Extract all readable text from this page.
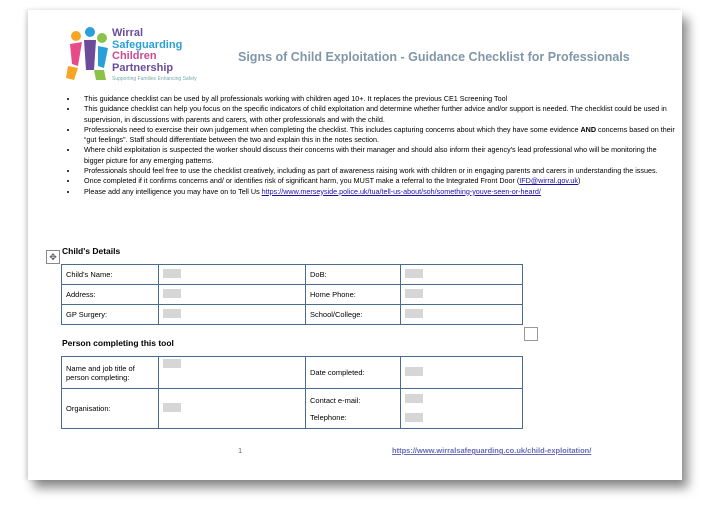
Wirral
Safeguarding
Children
Partnership
Supporting Families Enhancing Safety
Signs of Child Exploitation - Guidance Checklist for Professionals
• This guidance checklist can be used by all professionals working with children aged 10+. It replaces the previous CE1 Screening Tool
• This guidance checklist can help you focus on the specific indicators of child exploitation and determine whether further advice and/or support is needed. The checklist could be used in supervision, in discussions with parents and carers, with other professionals and with the child.
• Professionals need to exercise their own judgement when completing the checklist. This includes capturing concerns about which they have some evidence AND concerns based on their “gut feelings”. Staff should differentiate between the two and explain this in the notes section.
• Where child exploitation is suspected the worker should discuss their concerns with their manager and should also inform their agency's lead professional who will be monitoring the bigger picture for any emerging patterns.
• Professionals should feel free to use the checklist creatively, including as part of awareness raising work with children or in engaging parents and carers in understanding the issues.
• Once completed if it confirms concerns and/ or identifies risk of significant harm, you MUST make a referral to the Integrated Front Door (IFD@wirral.gov.uk)
• Please add any intelligence you may have on to Tell Us https://www.merseyside.police.uk/tua/tell-us-about/soh/something-youve-seen-or-heard/
✥
Child's Details
Child's Name:		DoB:	
Address:		Home Phone:	
GP Surgery:		School/College:	
Person completing this tool
Name and job title of person completing:		Date completed:	
Organisation:		Contact e-mail:
Telephone:	

1	https://www.wirralsafeguarding.co.uk/child-exploitation/
